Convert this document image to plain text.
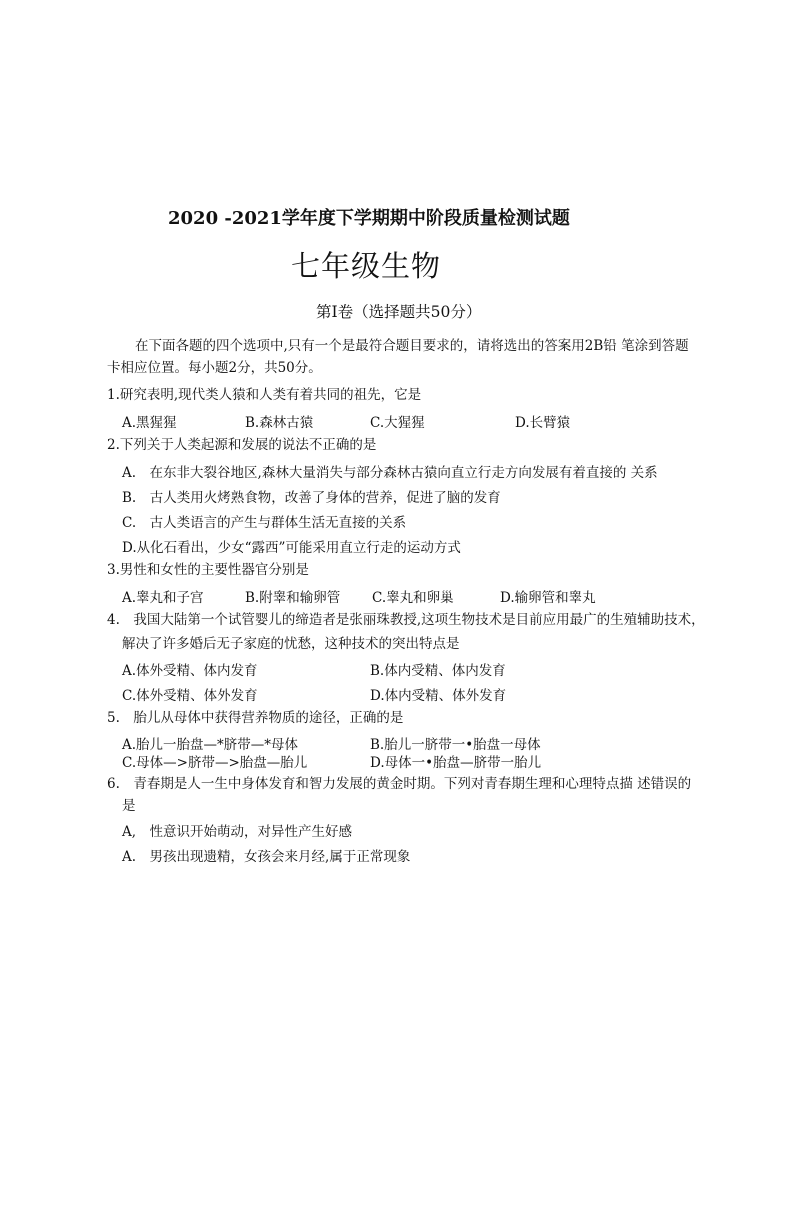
2020 -2021学年度下学期期中阶段质量检测试题
七年级生物
第I卷（选择题共50分）
在下面各题的四个选项中,只有一个是最符合题目要求的，请将选出的答案用2B铅 笔涂到答题
卡相应位置。每小题2分，共50分。
1.研究表明,现代类人猿和人类有着共同的祖先，它是
A.黑猩猩	B.森林古猿	C.大猩猩	D.长臂猿
2.下列关于人类起源和发展的说法不正确的是
A.　在东非大裂谷地区,森林大量消失与部分森林古猿向直立行走方向发展有着直接的 关系
B.　古人类用火烤熟食物，改善了身体的营养，促进了脑的发育
C.　古人类语言的产生与群体生活无直接的关系
D.从化石看出，少女“露西”可能采用直立行走的运动方式
3.男性和女性的主要性器官分别是
A.睾丸和子宫	B.附睾和输卵管 C.睾丸和卵巢	D.输卵管和睾丸
4.　我国大陆第一个试管婴儿的缔造者是张丽珠教授,这项生物技术是目前应用最广的生殖辅助技术，
解决了许多婚后无子家庭的忧愁，这种技术的突出特点是
A.体外受精、体内发育	B.体内受精、体内发育
C.体外受精、体外发育	D.体内受精、体外发育
5.　胎儿从母体中获得营养物质的途径，正确的是
A.胎儿一胎盘—*脐带—*母体	B.胎儿一脐带一•胎盘一母体
C.母体—>脐带—>胎盘—胎儿	D.母体一•胎盘—脐带一胎儿
6.　青春期是人一生中身体发育和智力发展的黄金时期。下列对青春期生理和心理特点描 述错误的
是
A,　性意识开始萌动，对异性产生好感
A.　男孩出现遗精，女孩会来月经,属于正常现象
